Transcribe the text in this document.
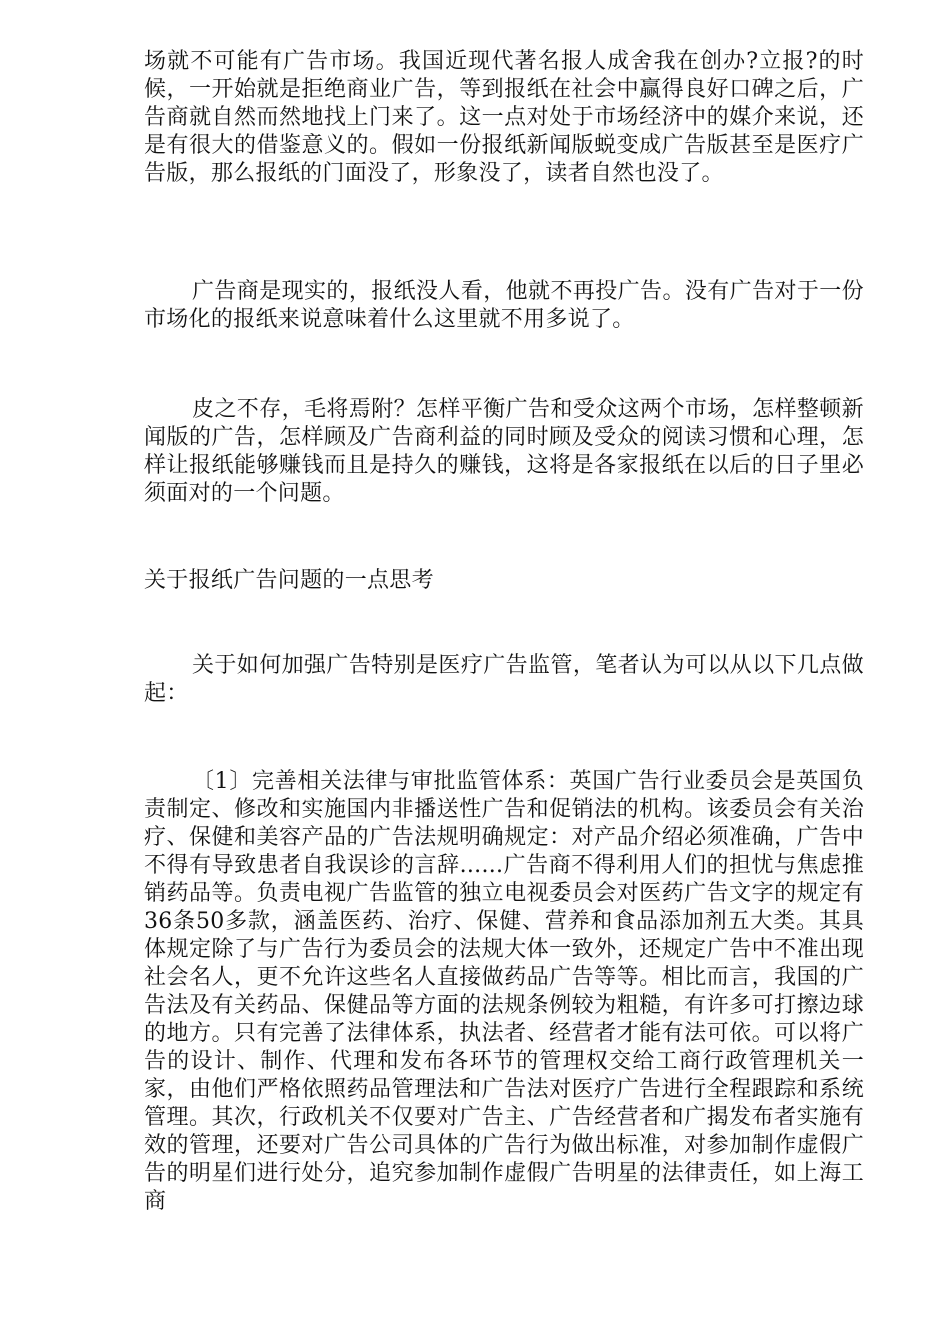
场就不可能有广告市场。我国近现代著名报人成舍我在创办?立报?的时候，一开始就是拒绝商业广告，等到报纸在社会中赢得良好口碑之后，广告商就自然而然地找上门来了。这一点对处于市场经济中的媒介来说，还是有很大的借鉴意义的。假如一份报纸新闻版蜕变成广告版甚至是医疗广告版，那么报纸的门面没了，形象没了，读者自然也没了。

广告商是现实的，报纸没人看，他就不再投广告。没有广告对于一份市场化的报纸来说意味着什么这里就不用多说了。

皮之不存，毛将焉附？怎样平衡广告和受众这两个市场，怎样整顿新闻版的广告，怎样顾及广告商利益的同时顾及受众的阅读习惯和心理，怎样让报纸能够赚钱而且是持久的赚钱，这将是各家报纸在以后的日子里必须面对的一个问题。

关于报纸广告问题的一点思考

关于如何加强广告特别是医疗广告监管，笔者认为可以从以下几点做起：

〔1〕完善相关法律与审批监管体系：英国广告行业委员会是英国负责制定、修改和实施国内非播送性广告和促销法的机构。该委员会有关治疗、保健和美容产品的广告法规明确规定：对产品介绍必须准确，广告中不得有导致患者自我误诊的言辞......广告商不得利用人们的担忧与焦虑推销药品等。负责电视广告监管的独立电视委员会对医药广告文字的规定有36条50多款，涵盖医药、治疗、保健、营养和食品添加剂五大类。其具体规定除了与广告行为委员会的法规大体一致外，还规定广告中不准出现社会名人，更不允许这些名人直接做药品广告等等。相比而言，我国的广告法及有关药品、保健品等方面的法规条例较为粗糙，有许多可打擦边球的地方。只有完善了法律体系，执法者、经营者才能有法可依。可以将广告的设计、制作、代理和发布各环节的管理权交给工商行政管理机关一家，由他们严格依照药品管理法和广告法对医疗广告进行全程跟踪和系统管理。其次，行政机关不仅要对广告主、广告经营者和广揭发布者实施有效的管理，还要对广告公司具体的广告行为做出标准，对参加制作虚假广告的明星们进行处分，追究参加制作虚假广告明星的法律责任，如上海工商
